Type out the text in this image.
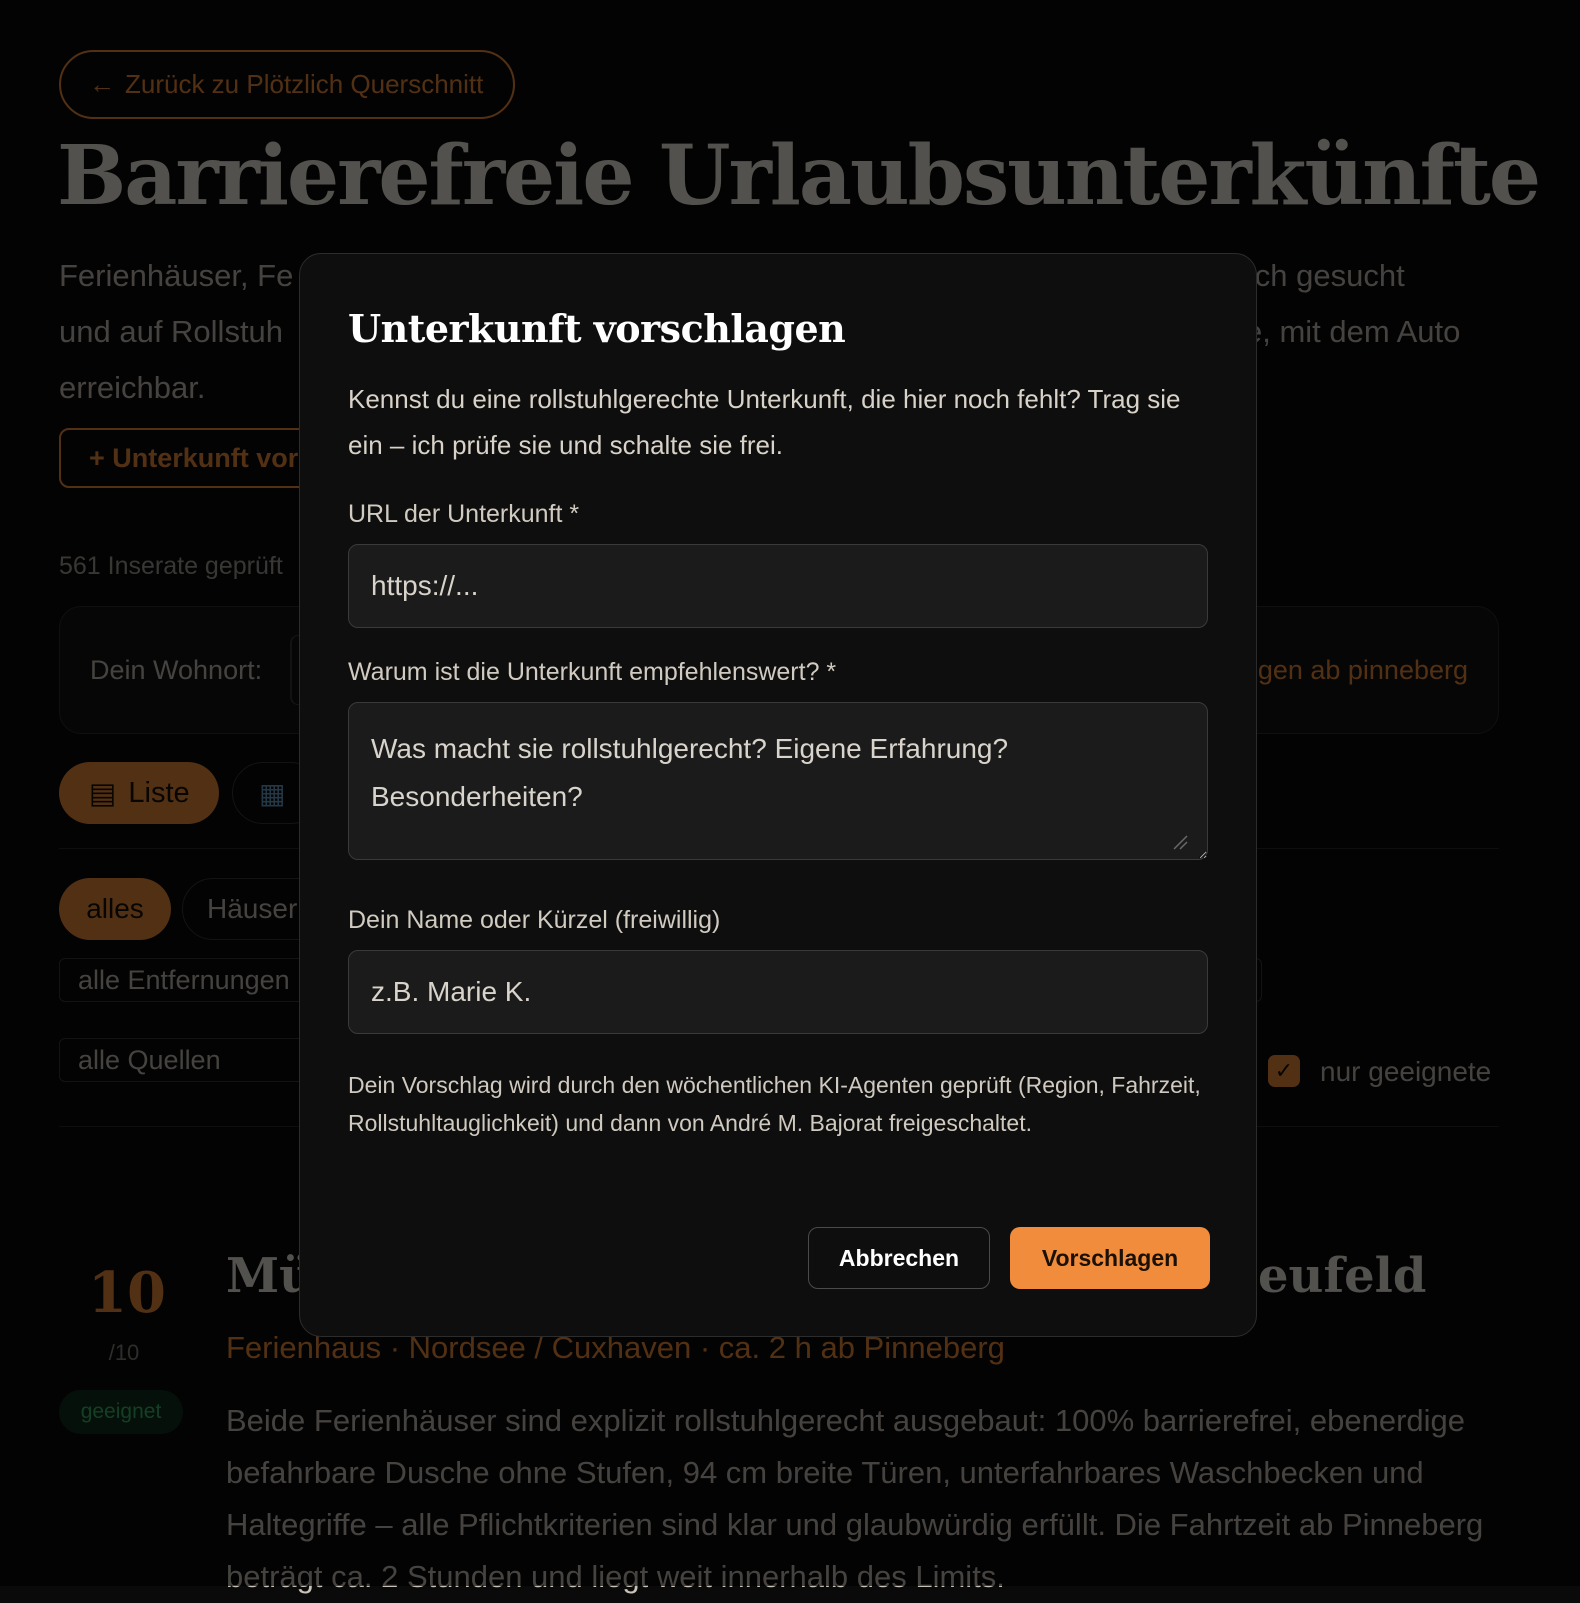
Unterkunft vorschlagen

Kennst du eine rollstuhlgerechte Unterkunft, die hier noch fehlt? Trag sie ein – ich prüfe sie und schalte sie frei.

URL der Unterkunft *
https://...
Warum ist die Unterkunft empfehlenswert? *
Was macht sie rollstuhlgerecht? Eigene Erfahrung? Besonderheiten?
Dein Name oder Kürzel (freiwillig)
z.B. Marie K.

Dein Vorschlag wird durch den wöchentlichen KI-Agenten geprüft (Region, Fahrzeit, Rollstuhltauglichkeit) und dann von André M. Bajorat freigeschaltet.

Abbrechen	Vorschlagen
